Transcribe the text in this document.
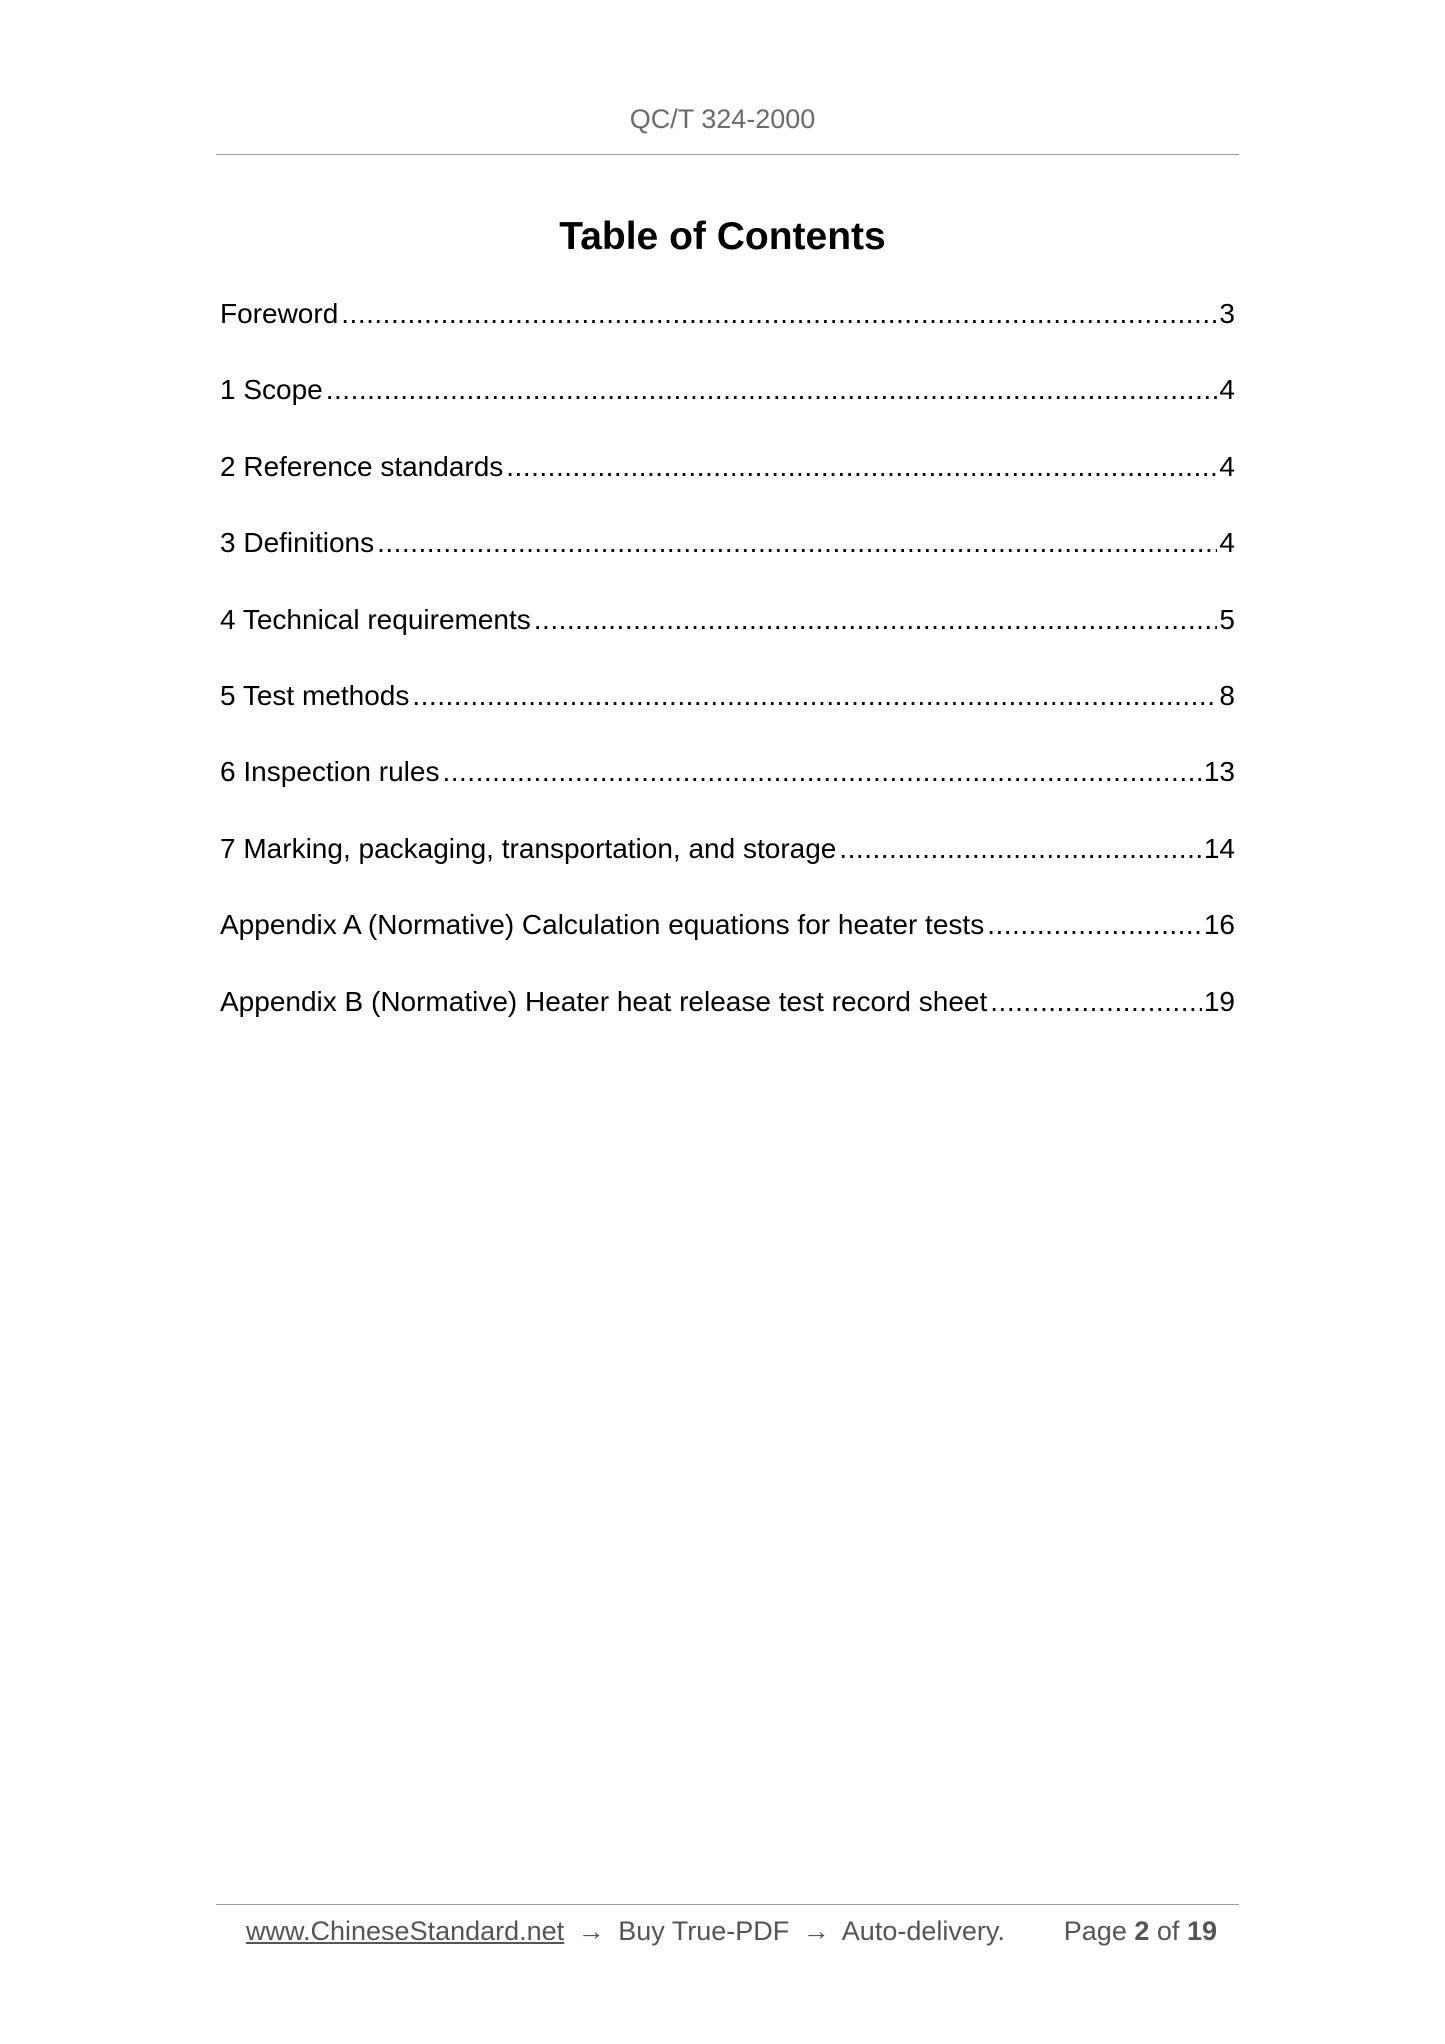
QC/T 324-2000
Table of Contents
Foreword .....	3
1 Scope .....	4
2 Reference standards .....	4
3 Definitions .....	4
4 Technical requirements .....	5
5 Test methods .....	8
6 Inspection rules .....	13
7 Marking, packaging, transportation, and storage .....	14
Appendix A (Normative) Calculation equations for heater tests .....	16
Appendix B (Normative) Heater heat release test record sheet .....	19
www.ChineseStandard.net → Buy True-PDF → Auto-delivery. Page 2 of 19
